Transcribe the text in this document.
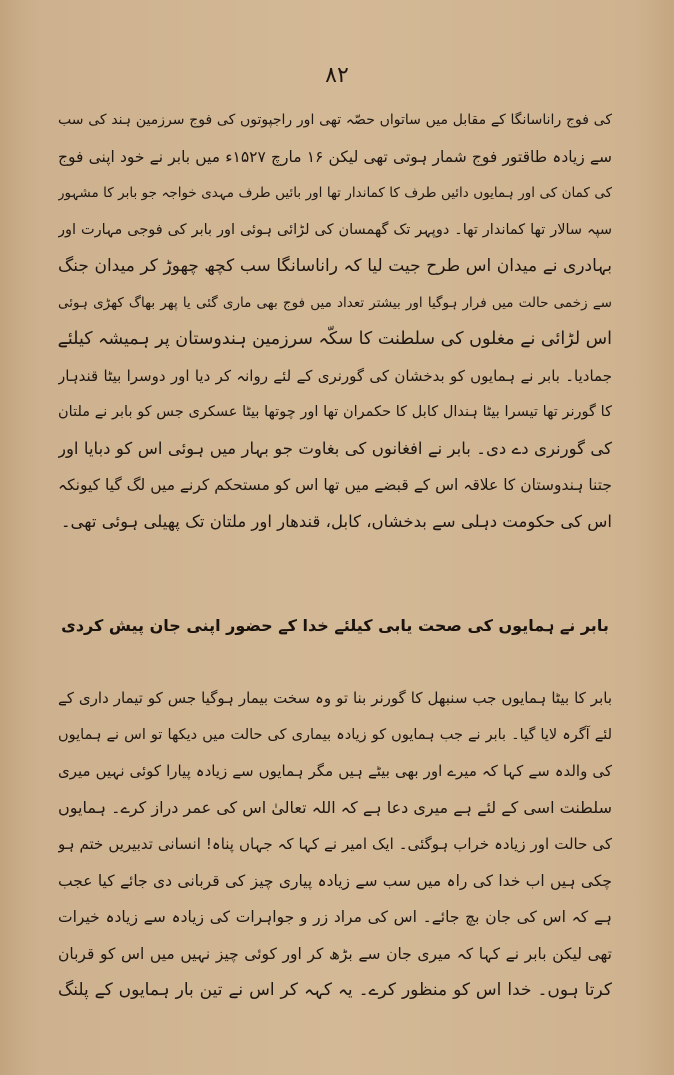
۸۲
کی فوج راناسانگا کے مقابل میں ساتواں حصّہ تھی اور راجپوتوں کی فوج سرزمین ہند کی سب
سے زیادہ طاقتور فوج شمار ہوتی تھی لیکن ۱۶ مارچ ۱۵۲۷ء میں بابر نے خود اپنی فوج
کی کمان کی اور ہمایوں دائیں طرف کا کماندار تھا اور بائیں طرف مہدی خواجہ جو بابر کا مشہور
سپہ سالار تھا کماندار تھا۔ دوپہر تک گھمسان کی لڑائی ہوئی اور بابر کی فوجی مہارت اور
بہادری نے میدان اس طرح جیت لیا کہ راناسانگا سب کچھ چھوڑ کر میدان جنگ
سے زخمی حالت میں فرار ہوگیا اور بیشتر تعداد میں فوج بھی ماری گئی یا پھر بھاگ کھڑی ہوئی
اس لڑائی نے مغلوں کی سلطنت کا سکّہ سرزمین ہندوستان پر ہمیشہ کیلئے
جمادیا۔ بابر نے ہمایوں کو بدخشان کی گورنری کے لئے روانہ کر دیا اور دوسرا بیٹا قندہار
کا گورنر تھا تیسرا بیٹا ہندال کابل کا حکمران تھا اور چوتھا بیٹا عسکری جس کو بابر نے ملتان
کی گورنری دے دی۔ بابر نے افغانوں کی بغاوت جو بہار میں ہوئی اس کو دبایا اور
جتنا ہندوستان کا علاقہ اس کے قبضے میں تھا اس کو مستحکم کرنے میں لگ گیا کیونکہ
اس کی حکومت دہلی سے بدخشاں، کابل، قندھار اور ملتان تک پھیلی ہوئی تھی۔
بابر نے ہمایوں کی صحت یابی کیلئے خدا کے حضور اپنی جان پیش کردی
بابر کا بیٹا ہمایوں جب سنبھل کا گورنر بنا تو وہ سخت بیمار ہوگیا جس کو تیمار داری کے
لئے آگرہ لایا گیا۔ بابر نے جب ہمایوں کو زیادہ بیماری کی حالت میں دیکھا تو اس نے ہمایوں
کی والدہ سے کہا کہ میرے اور بھی بیٹے ہیں مگر ہمایوں سے زیادہ پیارا کوئی نہیں میری
سلطنت اسی کے لئے ہے میری دعا ہے کہ اللہ تعالیٰ اس کی عمر دراز کرے۔ ہمایوں
کی حالت اور زیادہ خراب ہوگئی۔ ایک امیر نے کہا کہ جہاں پناہ! انسانی تدبیریں ختم ہو
چکی ہیں اب خدا کی راہ میں سب سے زیادہ پیاری چیز کی قربانی دی جائے کیا عجب
ہے کہ اس کی جان بچ جائے۔ اس کی مراد زر و جواہرات کی زیادہ سے زیادہ خیرات
تھی لیکن بابر نے کہا کہ میری جان سے بڑھ کر اور کوئی چیز نہیں میں اس کو قربان
کرتا ہوں۔ خدا اس کو منظور کرے۔ یہ کہہ کر اس نے تین بار ہمایوں کے پلنگ
